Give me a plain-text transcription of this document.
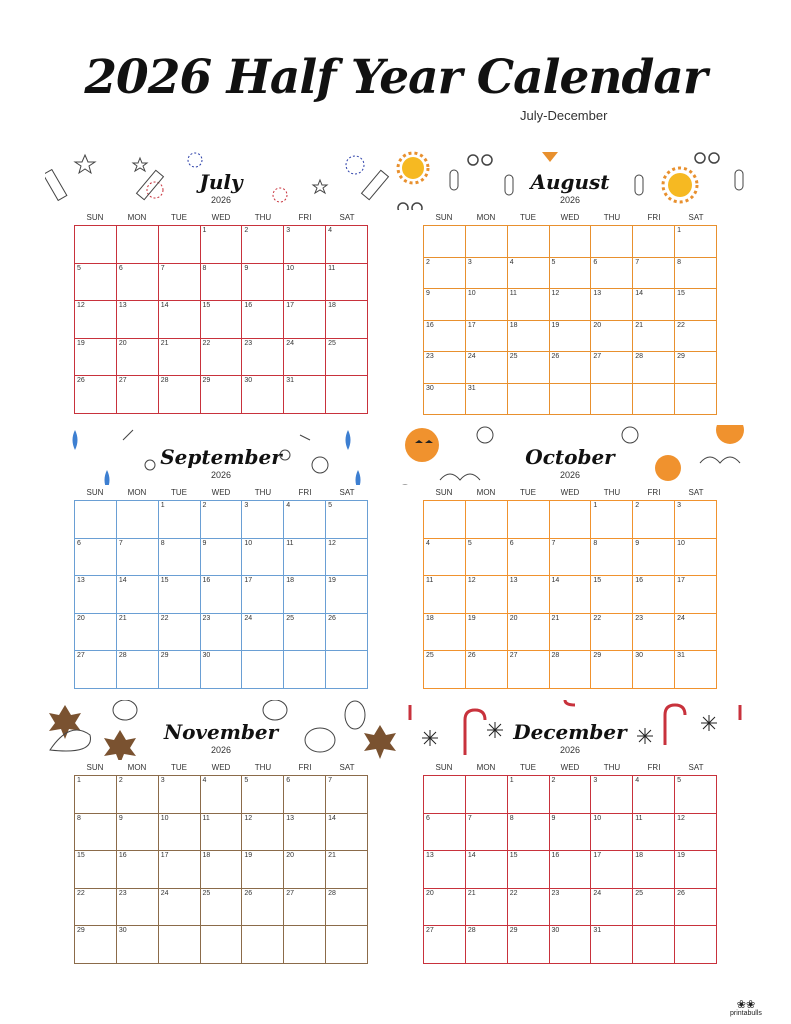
2026 Half Year Calendar
July-December
July
2026
SUN	MON	TUE	WED	THU	FRI	SAT
			1	2	3	4
5	6	7	8	9	10	11
12	13	14	15	16	17	18
19	20	21	22	23	24	25
26	27	28	29	30	31	
August
2026
SUN	MON	TUE	WED	THU	FRI	SAT
						1
2	3	4	5	6	7	8
9	10	11	12	13	14	15
16	17	18	19	20	21	22
23	24	25	26	27	28	29
30	31					
September
2026
SUN	MON	TUE	WED	THU	FRI	SAT
		1	2	3	4	5
6	7	8	9	10	11	12
13	14	15	16	17	18	19
20	21	22	23	24	25	26
27	28	29	30			
October
2026
SUN	MON	TUE	WED	THU	FRI	SAT
				1	2	3
4	5	6	7	8	9	10
11	12	13	14	15	16	17
18	19	20	21	22	23	24
25	26	27	28	29	30	31
November
2026
SUN	MON	TUE	WED	THU	FRI	SAT
1	2	3	4	5	6	7
8	9	10	11	12	13	14
15	16	17	18	19	20	21
22	23	24	25	26	27	28
29	30					
December
2026
SUN	MON	TUE	WED	THU	FRI	SAT
		1	2	3	4	5
6	7	8	9	10	11	12
13	14	15	16	17	18	19
20	21	22	23	24	25	26
27	28	29	30	31		
❀❀
printabulls
